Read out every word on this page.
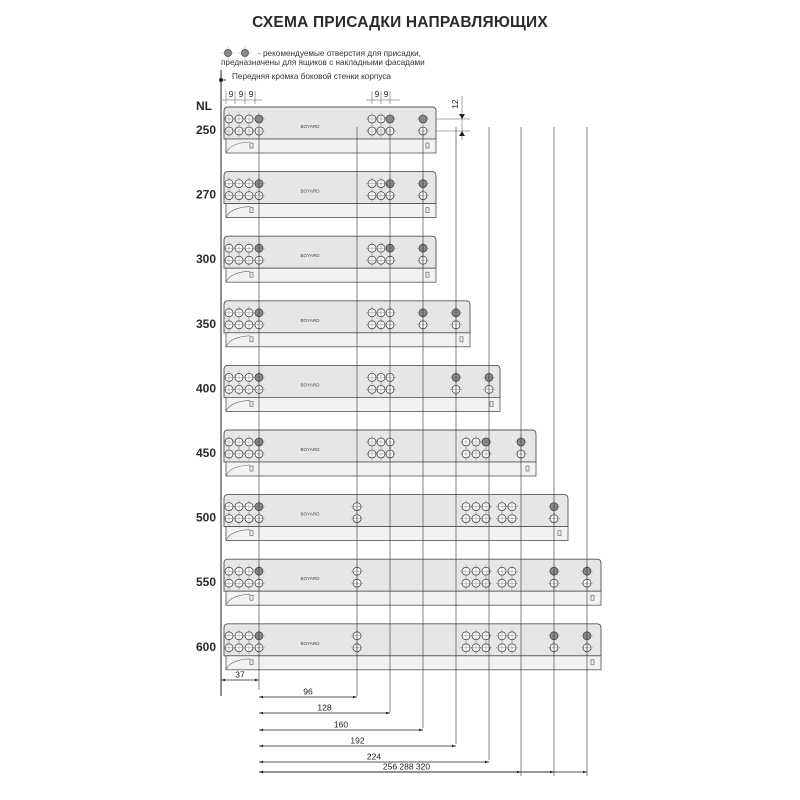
СХЕМА ПРИСАДКИ НАПРАВЛЯЮЩИХ
- рекомендуемые отверстия для присадки,
предназначены для ящиков с накладными фасадами
Передняя кромка боковой стенки корпуса
NL
9 9 9	9 9
12
250	BOYARD
270	BOYARD
300	BOYARD
350	BOYARD
400	BOYARD
450	BOYARD
500	BOYARD
550	BOYARD
600	BOYARD
37
96
128
160
192
224
256 288 320
